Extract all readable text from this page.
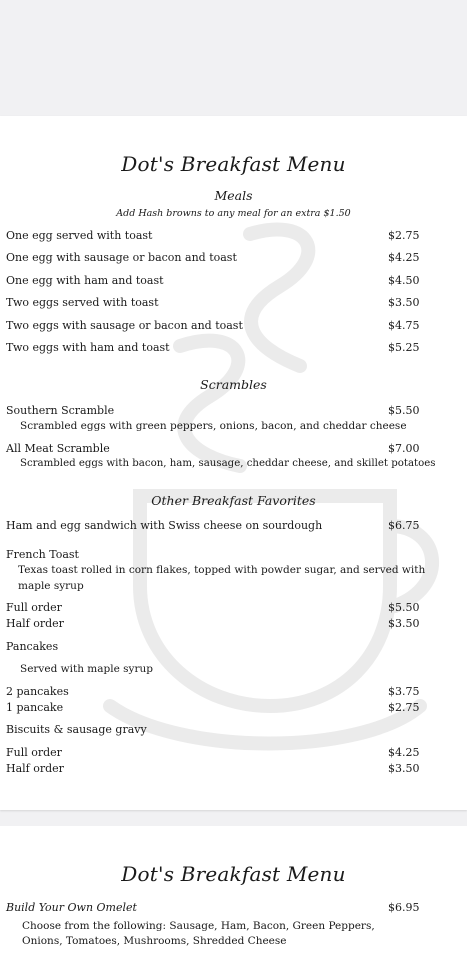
Dot's Breakfast Menu
Meals
Add Hash browns to any meal for an extra $1.50
One egg served with toast	$2.75
One egg with sausage or bacon and toast	$4.25
One egg with ham and toast	$4.50
Two eggs served with toast	$3.50
Two eggs with sausage or bacon and toast	$4.75
Two eggs with ham and toast	$5.25
Scrambles
Southern Scramble	$5.50
Scrambled eggs with green peppers, onions, bacon, and cheddar cheese
All Meat Scramble	$7.00
Scrambled eggs with bacon, ham, sausage, cheddar cheese, and skillet potatoes
Other Breakfast Favorites
Ham and egg sandwich with Swiss cheese on sourdough	$6.75
French Toast
Texas toast rolled in corn flakes, topped with powder sugar, and served with maple syrup
Full order	$5.50
Half order	$3.50
Pancakes
Served with maple syrup
2 pancakes	$3.75
1 pancake	$2.75
Biscuits & sausage gravy
Full order	$4.25
Half order	$3.50
Dot's Breakfast Menu
Build Your Own Omelet	$6.95
Choose from the following: Sausage, Ham, Bacon, Green Peppers,
Onions, Tomatoes, Mushrooms, Shredded Cheese
